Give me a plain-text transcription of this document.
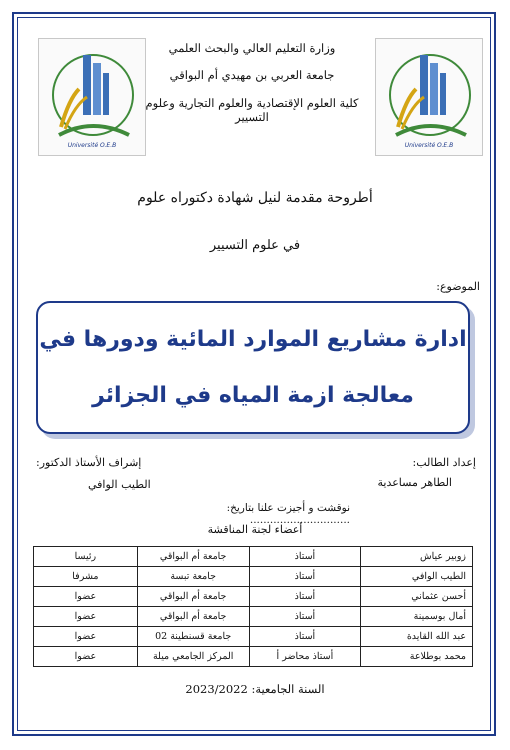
Université O.E.B	Université O.E.B
وزارة التعليم العالي والبحث العلمي
جامعة العربي بن مهيدي أم البواقي
كلية العلوم الإقتصادية والعلوم التجارية وعلوم التسيير
أطروحة مقدمة لنيل شهادة دكتوراه علوم
في علوم التسيير
الموضوع:
ادارة مشاريع الموارد المائية ودورها في
معالجة ازمة المياه في الجزائر
إعداد الطالب:
الطاهر مساعدية
إشراف الأستاذ الدكتور:
الطيب الوافي
نوقشت و أجيزت علنا بتاريخ: ..............................
أعضاء لجنة المناقشة
زوبير عياش	أستاذ	جامعة أم البواقي	رئيسا
الطيب الوافي	أستاذ	جامعة تبسة	مشرفا
أحسن عثماني	أستاذ	جامعة أم البواقي	عضوا
أمال بوسمينة	أستاذ	جامعة أم البواقي	عضوا
عبد الله القايدة	أستاذ	جامعة قسنطينة 02	عضوا
محمد بوطلاعة	أستاذ محاضر أ	المركز الجامعي ميلة	عضوا
السنة الجامعية: 2023/2022
